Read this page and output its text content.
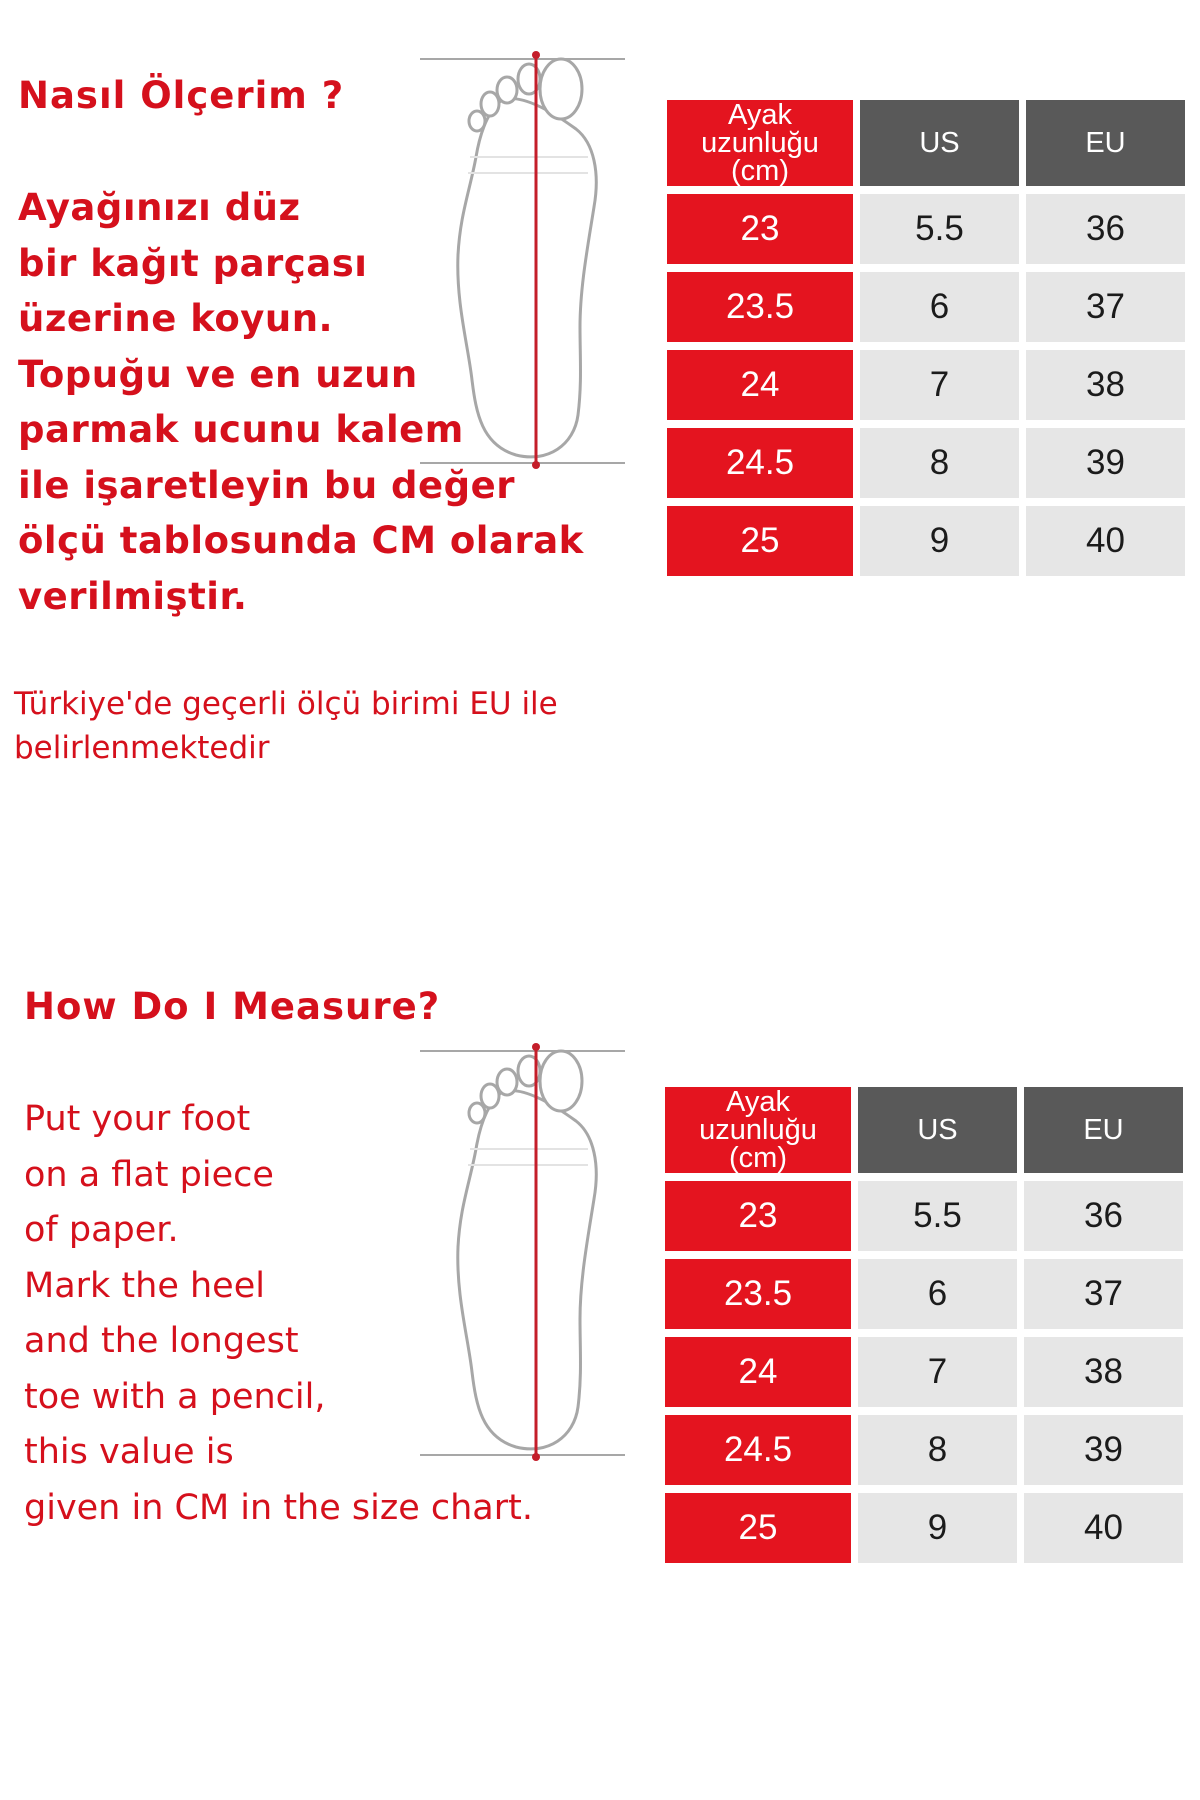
Nasıl Ölçerim ?
Ayağınızı düz
bir kağıt parçası
üzerine koyun.
Topuğu ve en uzun
parmak ucunu kalem
ile işaretleyin bu değer
ölçü tablosunda CM olarak
verilmiştir.
Türkiye'de geçerli ölçü birimi EU ile
belirlenmektedir
Ayak uzunluğu
(cm)	US	EU
23	5.5	36
23.5	6	37
24	7	38
24.5	8	39
25	9	40
How Do I Measure?
Put your foot
on a flat piece
of paper.
Mark the heel
and the longest
toe with a pencil,
this value is
given in CM in the size chart.
Ayak uzunluğu
(cm)	US	EU
23	5.5	36
23.5	6	37
24	7	38
24.5	8	39
25	9	40
